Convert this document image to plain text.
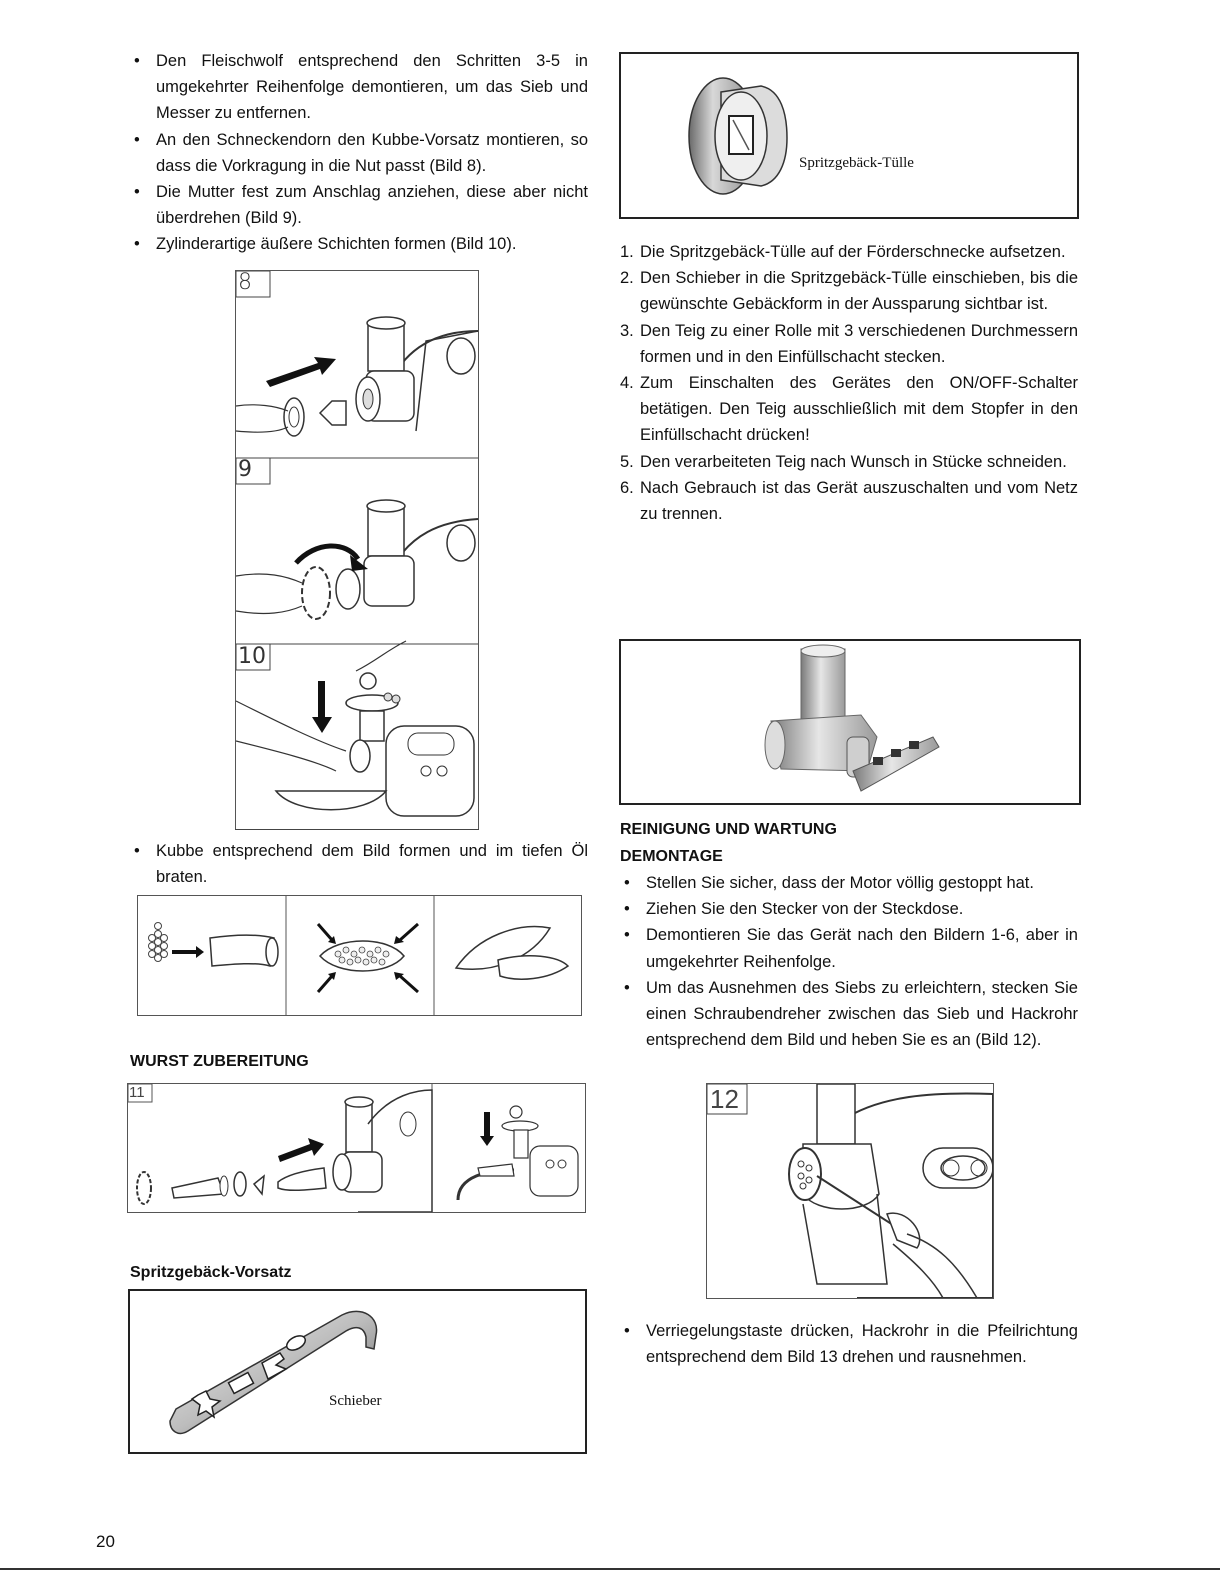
• Den Fleischwolf entsprechend den Schritten 3-5 in umgekehrter Reihenfolge demontieren, um das Sieb und Messer zu entfernen.
• An den Schneckendorn den Kubbe-Vorsatz montieren, so dass die Vorkragung in die Nut passt (Bild 8).
• Die Mutter fest zum Anschlag anziehen, diese aber nicht überdrehen (Bild 9).
• Zylinderartige äußere Schichten formen (Bild 10).
8
9
10
• Kubbe entsprechend dem Bild formen und im tiefen Öl braten.
WURST ZUBEREITUNG
11
Spritzgebäck-Vorsatz
Schieber
Spritzgebäck-Tülle
1. Die Spritzgebäck-Tülle auf der Förderschnecke aufsetzen.
2. Den Schieber in die Spritzgebäck-Tülle einschieben, bis die gewünschte Gebäckform in der Aussparung sichtbar ist.
3. Den Teig zu einer Rolle mit 3 verschiedenen Durchmessern formen und in den Einfüllschacht stecken.
4. Zum Einschalten des Gerätes den ON/OFF-Schalter betätigen. Den Teig ausschließlich mit dem Stopfer in den Einfüllschacht drücken!
5. Den verarbeiteten Teig nach Wunsch in Stücke schneiden.
6. Nach Gebrauch ist das Gerät auszuschalten und vom Netz zu trennen.
REINIGUNG UND WARTUNG
DEMONTAGE
• Stellen Sie sicher, dass der Motor völlig gestoppt hat.
• Ziehen Sie den Stecker von der Steckdose.
• Demontieren Sie das Gerät nach den Bildern 1-6, aber in umgekehrter Reihenfolge.
• Um das Ausnehmen des Siebs zu erleichtern, stecken Sie einen Schraubendreher zwischen das Sieb und Hackrohr entsprechend dem Bild und heben Sie es an (Bild 12).
12
• Verriegelungstaste drücken, Hackrohr in die Pfeilrichtung entsprechend dem Bild 13 drehen und rausnehmen.
20
